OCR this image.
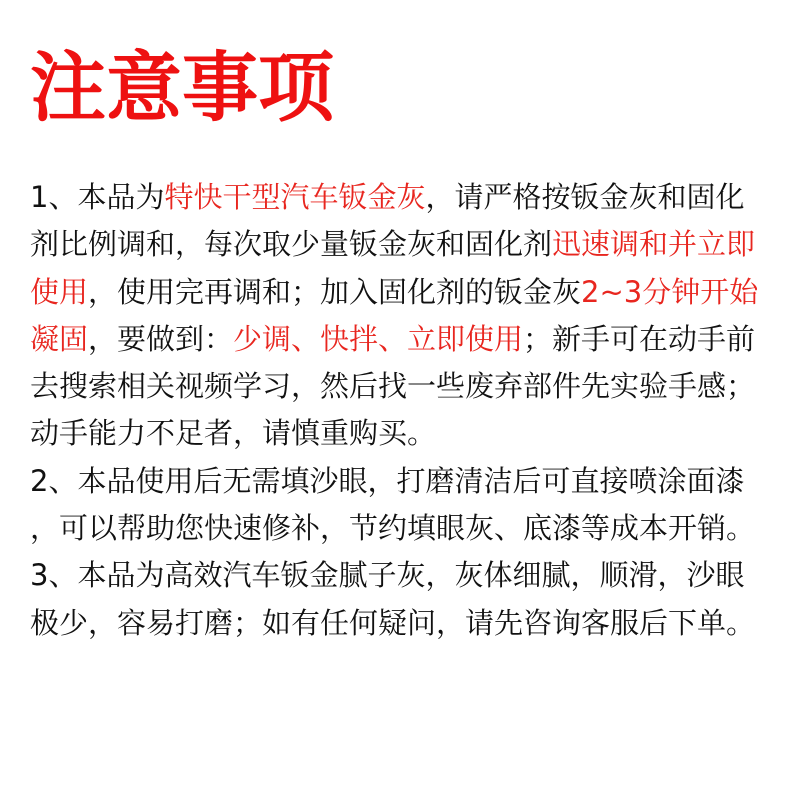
注意事项
1、本品为特快干型汽车钣金灰，请严格按钣金灰和固化
剂比例调和，每次取少量钣金灰和固化剂迅速调和并立即
使用，使用完再调和；加入固化剂的钣金灰2~3分钟开始
凝固，要做到：少调、快拌、立即使用；新手可在动手前
去搜索相关视频学习，然后找一些废弃部件先实验手感；
动手能力不足者，请慎重购买。
2、本品使用后无需填沙眼，打磨清洁后可直接喷涂面漆
，可以帮助您快速修补，节约填眼灰、底漆等成本开销。
3、本品为高效汽车钣金腻子灰，灰体细腻，顺滑，沙眼
极少，容易打磨；如有任何疑问，请先咨询客服后下单。
